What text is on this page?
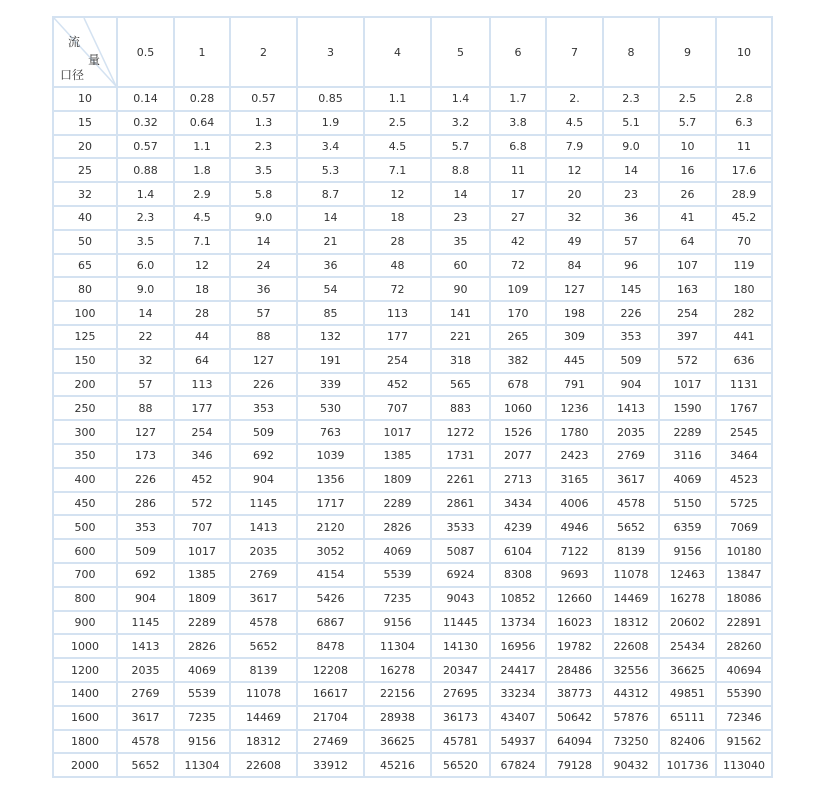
流
量
口径	0.5	1	2	3	4	5	6	7	8	9	10
10	0.14	0.28	0.57	0.85	1.1	1.4	1.7	2.	2.3	2.5	2.8
15	0.32	0.64	1.3	1.9	2.5	3.2	3.8	4.5	5.1	5.7	6.3
20	0.57	1.1	2.3	3.4	4.5	5.7	6.8	7.9	9.0	10	11
25	0.88	1.8	3.5	5.3	7.1	8.8	11	12	14	16	17.6
32	1.4	2.9	5.8	8.7	12	14	17	20	23	26	28.9
40	2.3	4.5	9.0	14	18	23	27	32	36	41	45.2
50	3.5	7.1	14	21	28	35	42	49	57	64	70
65	6.0	12	24	36	48	60	72	84	96	107	119
80	9.0	18	36	54	72	90	109	127	145	163	180
100	14	28	57	85	113	141	170	198	226	254	282
125	22	44	88	132	177	221	265	309	353	397	441
150	32	64	127	191	254	318	382	445	509	572	636
200	57	113	226	339	452	565	678	791	904	1017	1131
250	88	177	353	530	707	883	1060	1236	1413	1590	1767
300	127	254	509	763	1017	1272	1526	1780	2035	2289	2545
350	173	346	692	1039	1385	1731	2077	2423	2769	3116	3464
400	226	452	904	1356	1809	2261	2713	3165	3617	4069	4523
450	286	572	1145	1717	2289	2861	3434	4006	4578	5150	5725
500	353	707	1413	2120	2826	3533	4239	4946	5652	6359	7069
600	509	1017	2035	3052	4069	5087	6104	7122	8139	9156	10180
700	692	1385	2769	4154	5539	6924	8308	9693	11078	12463	13847
800	904	1809	3617	5426	7235	9043	10852	12660	14469	16278	18086
900	1145	2289	4578	6867	9156	11445	13734	16023	18312	20602	22891
1000	1413	2826	5652	8478	11304	14130	16956	19782	22608	25434	28260
1200	2035	4069	8139	12208	16278	20347	24417	28486	32556	36625	40694
1400	2769	5539	11078	16617	22156	27695	33234	38773	44312	49851	55390
1600	3617	7235	14469	21704	28938	36173	43407	50642	57876	65111	72346
1800	4578	9156	18312	27469	36625	45781	54937	64094	73250	82406	91562
2000	5652	11304	22608	33912	45216	56520	67824	79128	90432	101736	113040
